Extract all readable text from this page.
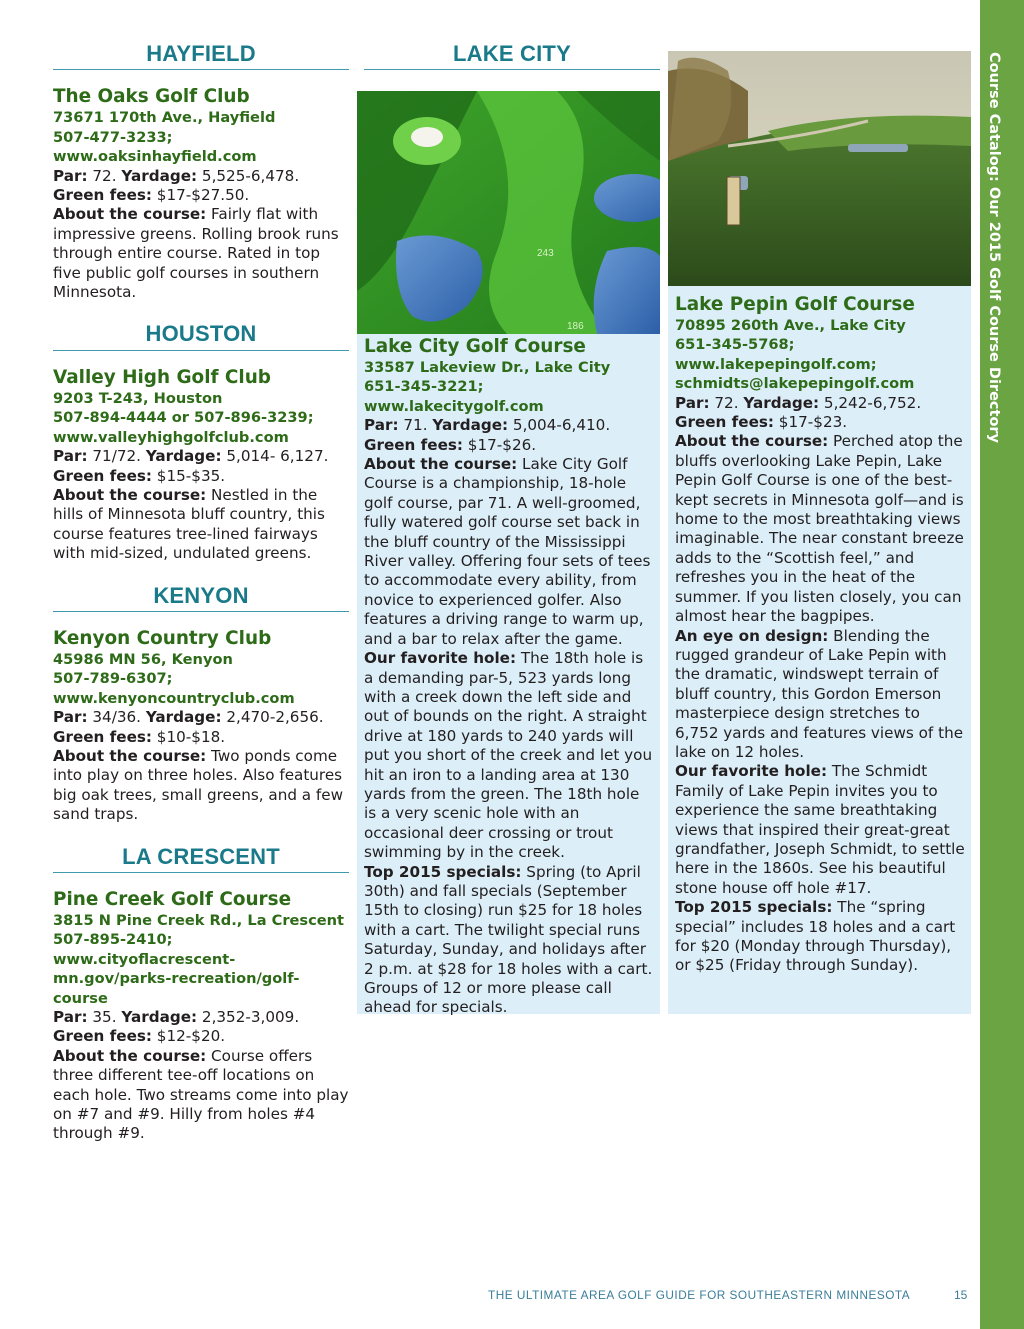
Course Catalog: Our 2015 Golf Course Directory
HAYFIELD
The Oaks Golf Club
73671 170th Ave., Hayfield
507-477-3233;
www.oaksinhayfield.com
Par: 72. Yardage: 5,525-6,478.
Green fees: $17-$27.50.
About the course: Fairly flat with impressive greens. Rolling brook runs through entire course. Rated in top five public golf courses in southern Minnesota.
HOUSTON
Valley High Golf Club
9203 T-243, Houston
507-894-4444 or 507-896-3239;
www.valleyhighgolfclub.com
Par: 71/72. Yardage: 5,014- 6,127.
Green fees: $15-$35.
About the course: Nestled in the hills of Minnesota bluff country, this course features tree-lined fairways with mid-sized, undulated greens.
KENYON
Kenyon Country Club
45986 MN 56, Kenyon
507-789-6307;
www.kenyoncountryclub.com
Par: 34/36. Yardage: 2,470-2,656.
Green fees: $10-$18.
About the course: Two ponds come into play on three holes. Also features big oak trees, small greens, and a few sand traps.
LA CRESCENT
Pine Creek Golf Course
3815 N Pine Creek Rd., La Crescent
507-895-2410;
www.cityoflacrescent-mn.gov/parks-recreation/golf-course
Par: 35. Yardage: 2,352-3,009.
Green fees: $12-$20.
About the course: Course offers three different tee-off locations on each hole. Two streams come into play on #7 and #9. Hilly from holes #4 through #9.
LAKE CITY
243
186
Lake City Golf Course
33587 Lakeview Dr., Lake City
651-345-3221; www.lakecitygolf.com
Par: 71. Yardage: 5,004-6,410.
Green fees: $17-$26.
About the course: Lake City Golf Course is a championship, 18-hole golf course, par 71. A well-groomed, fully watered golf course set back in the bluff country of the Mississippi River valley. Offering four sets of tees to accommodate every ability, from novice to experienced golfer. Also features a driving range to warm up, and a bar to relax after the game.
Our favorite hole: The 18th hole is a demanding par-5, 523 yards long with a creek down the left side and out of bounds on the right. A straight drive at 180 yards to 240 yards will put you short of the creek and let you hit an iron to a landing area at 130 yards from the green. The 18th hole is a very scenic hole with an occasional deer crossing or trout swimming by in the creek.
Top 2015 specials: Spring (to April 30th) and fall specials (September 15th to closing) run $25 for 18 holes with a cart. The twilight special runs Saturday, Sunday, and holidays after 2 p.m. at $28 for 18 holes with a cart. Groups of 12 or more please call ahead for specials.
Lake Pepin Golf Course
70895 260th Ave., Lake City
651-345-5768;
www.lakepepingolf.com;
schmidts@lakepepingolf.com
Par: 72. Yardage: 5,242-6,752.
Green fees: $17-$23.
About the course: Perched atop the bluffs overlooking Lake Pepin, Lake Pepin Golf Course is one of the best-kept secrets in Minnesota golf—and is home to the most breathtaking views imaginable. The near constant breeze adds to the “Scottish feel,” and refreshes you in the heat of the summer. If you listen closely, you can almost hear the bagpipes.
An eye on design: Blending the rugged grandeur of Lake Pepin with the dramatic, windswept terrain of bluff country, this Gordon Emerson masterpiece design stretches to 6,752 yards and features views of the lake on 12 holes.
Our favorite hole: The Schmidt Family of Lake Pepin invites you to experience the same breathtaking views that inspired their great-great grandfather, Joseph Schmidt, to settle here in the 1860s. See his beautiful stone house off hole #17.
Top 2015 specials: The “spring special” includes 18 holes and a cart for $20 (Monday through Thursday), or $25 (Friday through Sunday).
THE ULTIMATE AREA GOLF GUIDE FOR SOUTHEASTERN MINNESOTA	15
